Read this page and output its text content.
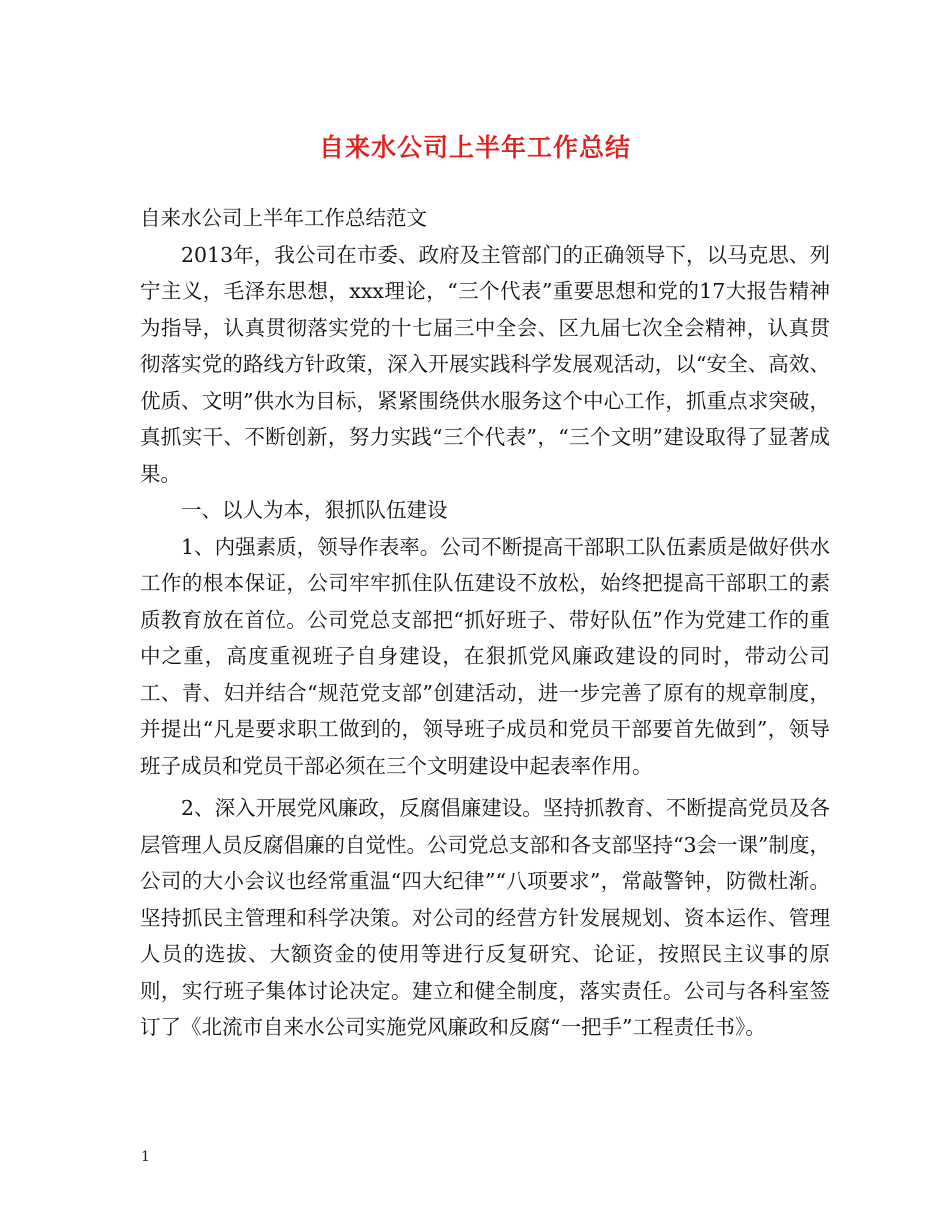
自来水公司上半年工作总结

自来水公司上半年工作总结范文

2013年，我公司在市委、政府及主管部门的正确领导下，以马克思、列宁主义，毛泽东思想，xxx理论，“三个代表”重要思想和党的17大报告精神为指导，认真贯彻落实党的十七届三中全会、区九届七次全会精神，认真贯彻落实党的路线方针政策，深入开展实践科学发展观活动，以“安全、高效、优质、文明”供水为目标，紧紧围绕供水服务这个中心工作，抓重点求突破，真抓实干、不断创新，努力实践“三个代表”，“三个文明”建设取得了显著成果。

一、以人为本，狠抓队伍建设

1、内强素质，领导作表率。公司不断提高干部职工队伍素质是做好供水工作的根本保证，公司牢牢抓住队伍建设不放松，始终把提高干部职工的素质教育放在首位。公司党总支部把“抓好班子、带好队伍”作为党建工作的重中之重，高度重视班子自身建设，在狠抓党风廉政建设的同时，带动公司工、青、妇并结合“规范党支部”创建活动，进一步完善了原有的规章制度，并提出“凡是要求职工做到的，领导班子成员和党员干部要首先做到”，领导班子成员和党员干部必须在三个文明建设中起表率作用。

2、深入开展党风廉政，反腐倡廉建设。坚持抓教育、不断提高党员及各层管理人员反腐倡廉的自觉性。公司党总支部和各支部坚持“3会一课”制度，公司的大小会议也经常重温“四大纪律”“八项要求”，常敲警钟，防微杜渐。坚持抓民主管理和科学决策。对公司的经营方针发展规划、资本运作、管理人员的选拔、大额资金的使用等进行反复研究、论证，按照民主议事的原则，实行班子集体讨论决定。建立和健全制度，落实责任。公司与各科室签订了《北流市自来水公司实施党风廉政和反腐“一把手”工程责任书》。

1
